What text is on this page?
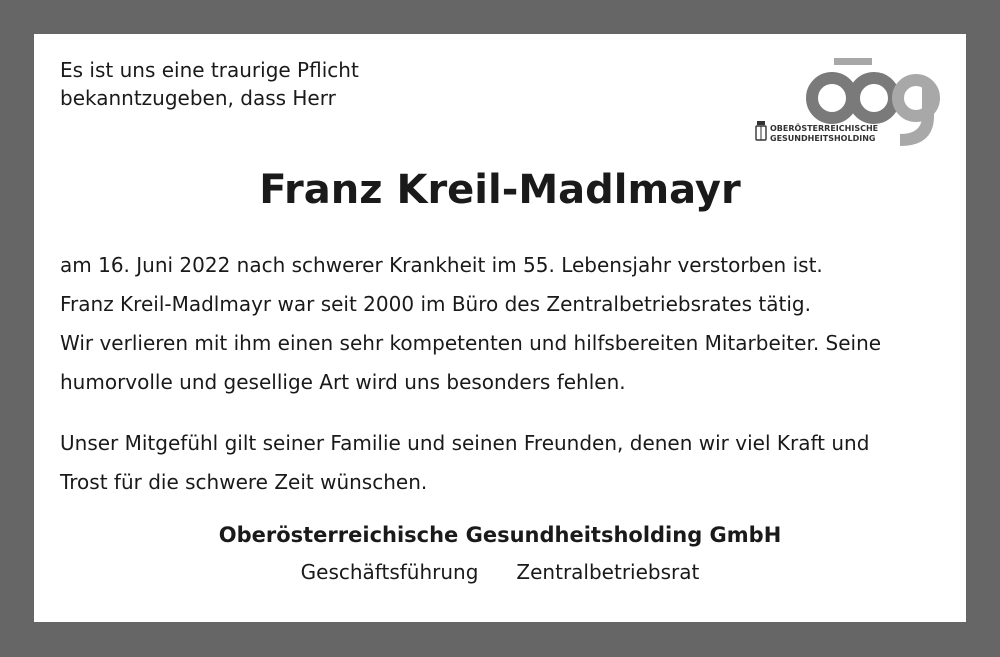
Es ist uns eine traurige Pflicht
bekanntzugeben, dass Herr

OBERÖSTERREICHISCHE
GESUNDHEITSHOLDING
Franz Kreil-Madlmayr

am 16. Juni 2022 nach schwerer Krankheit im 55. Lebensjahr verstorben ist.
Franz Kreil-Madlmayr war seit 2000 im Büro des Zentralbetriebsrates tätig.
Wir verlieren mit ihm einen sehr kompetenten und hilfsbereiten Mitarbeiter. Seine
humorvolle und gesellige Art wird uns besonders fehlen.

Unser Mitgefühl gilt seiner Familie und seinen Freunden, denen wir viel Kraft und
Trost für die schwere Zeit wünschen.

Oberösterreichische Gesundheitsholding GmbH

Geschäftsführung Zentralbetriebsrat
